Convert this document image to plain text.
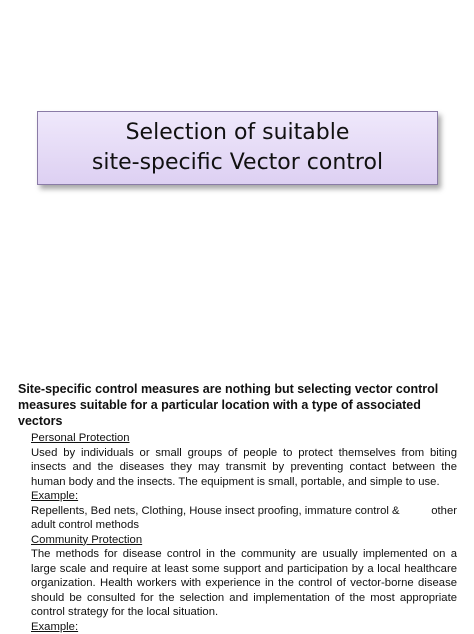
Selection of suitable
site-specific Vector control

Site-specific control measures are nothing but selecting vector control measures suitable for a particular location with a type of associated vectors

Personal Protection
Used by individuals or small groups of people to protect themselves from biting insects and the diseases they may transmit by preventing contact between the human body and the insects. The equipment is small, portable, and simple to use.
Example:
Repellents, Bed nets, Clothing, House insect proofing, immature control &	other
adult control methods
Community Protection
The methods for disease control in the community are usually implemented on a large scale and require at least some support and participation by a local healthcare organization. Health workers with experience in the control of vector-borne disease should be consulted for the selection and implementation of the most appropriate control strategy for the local situation.
Example:
